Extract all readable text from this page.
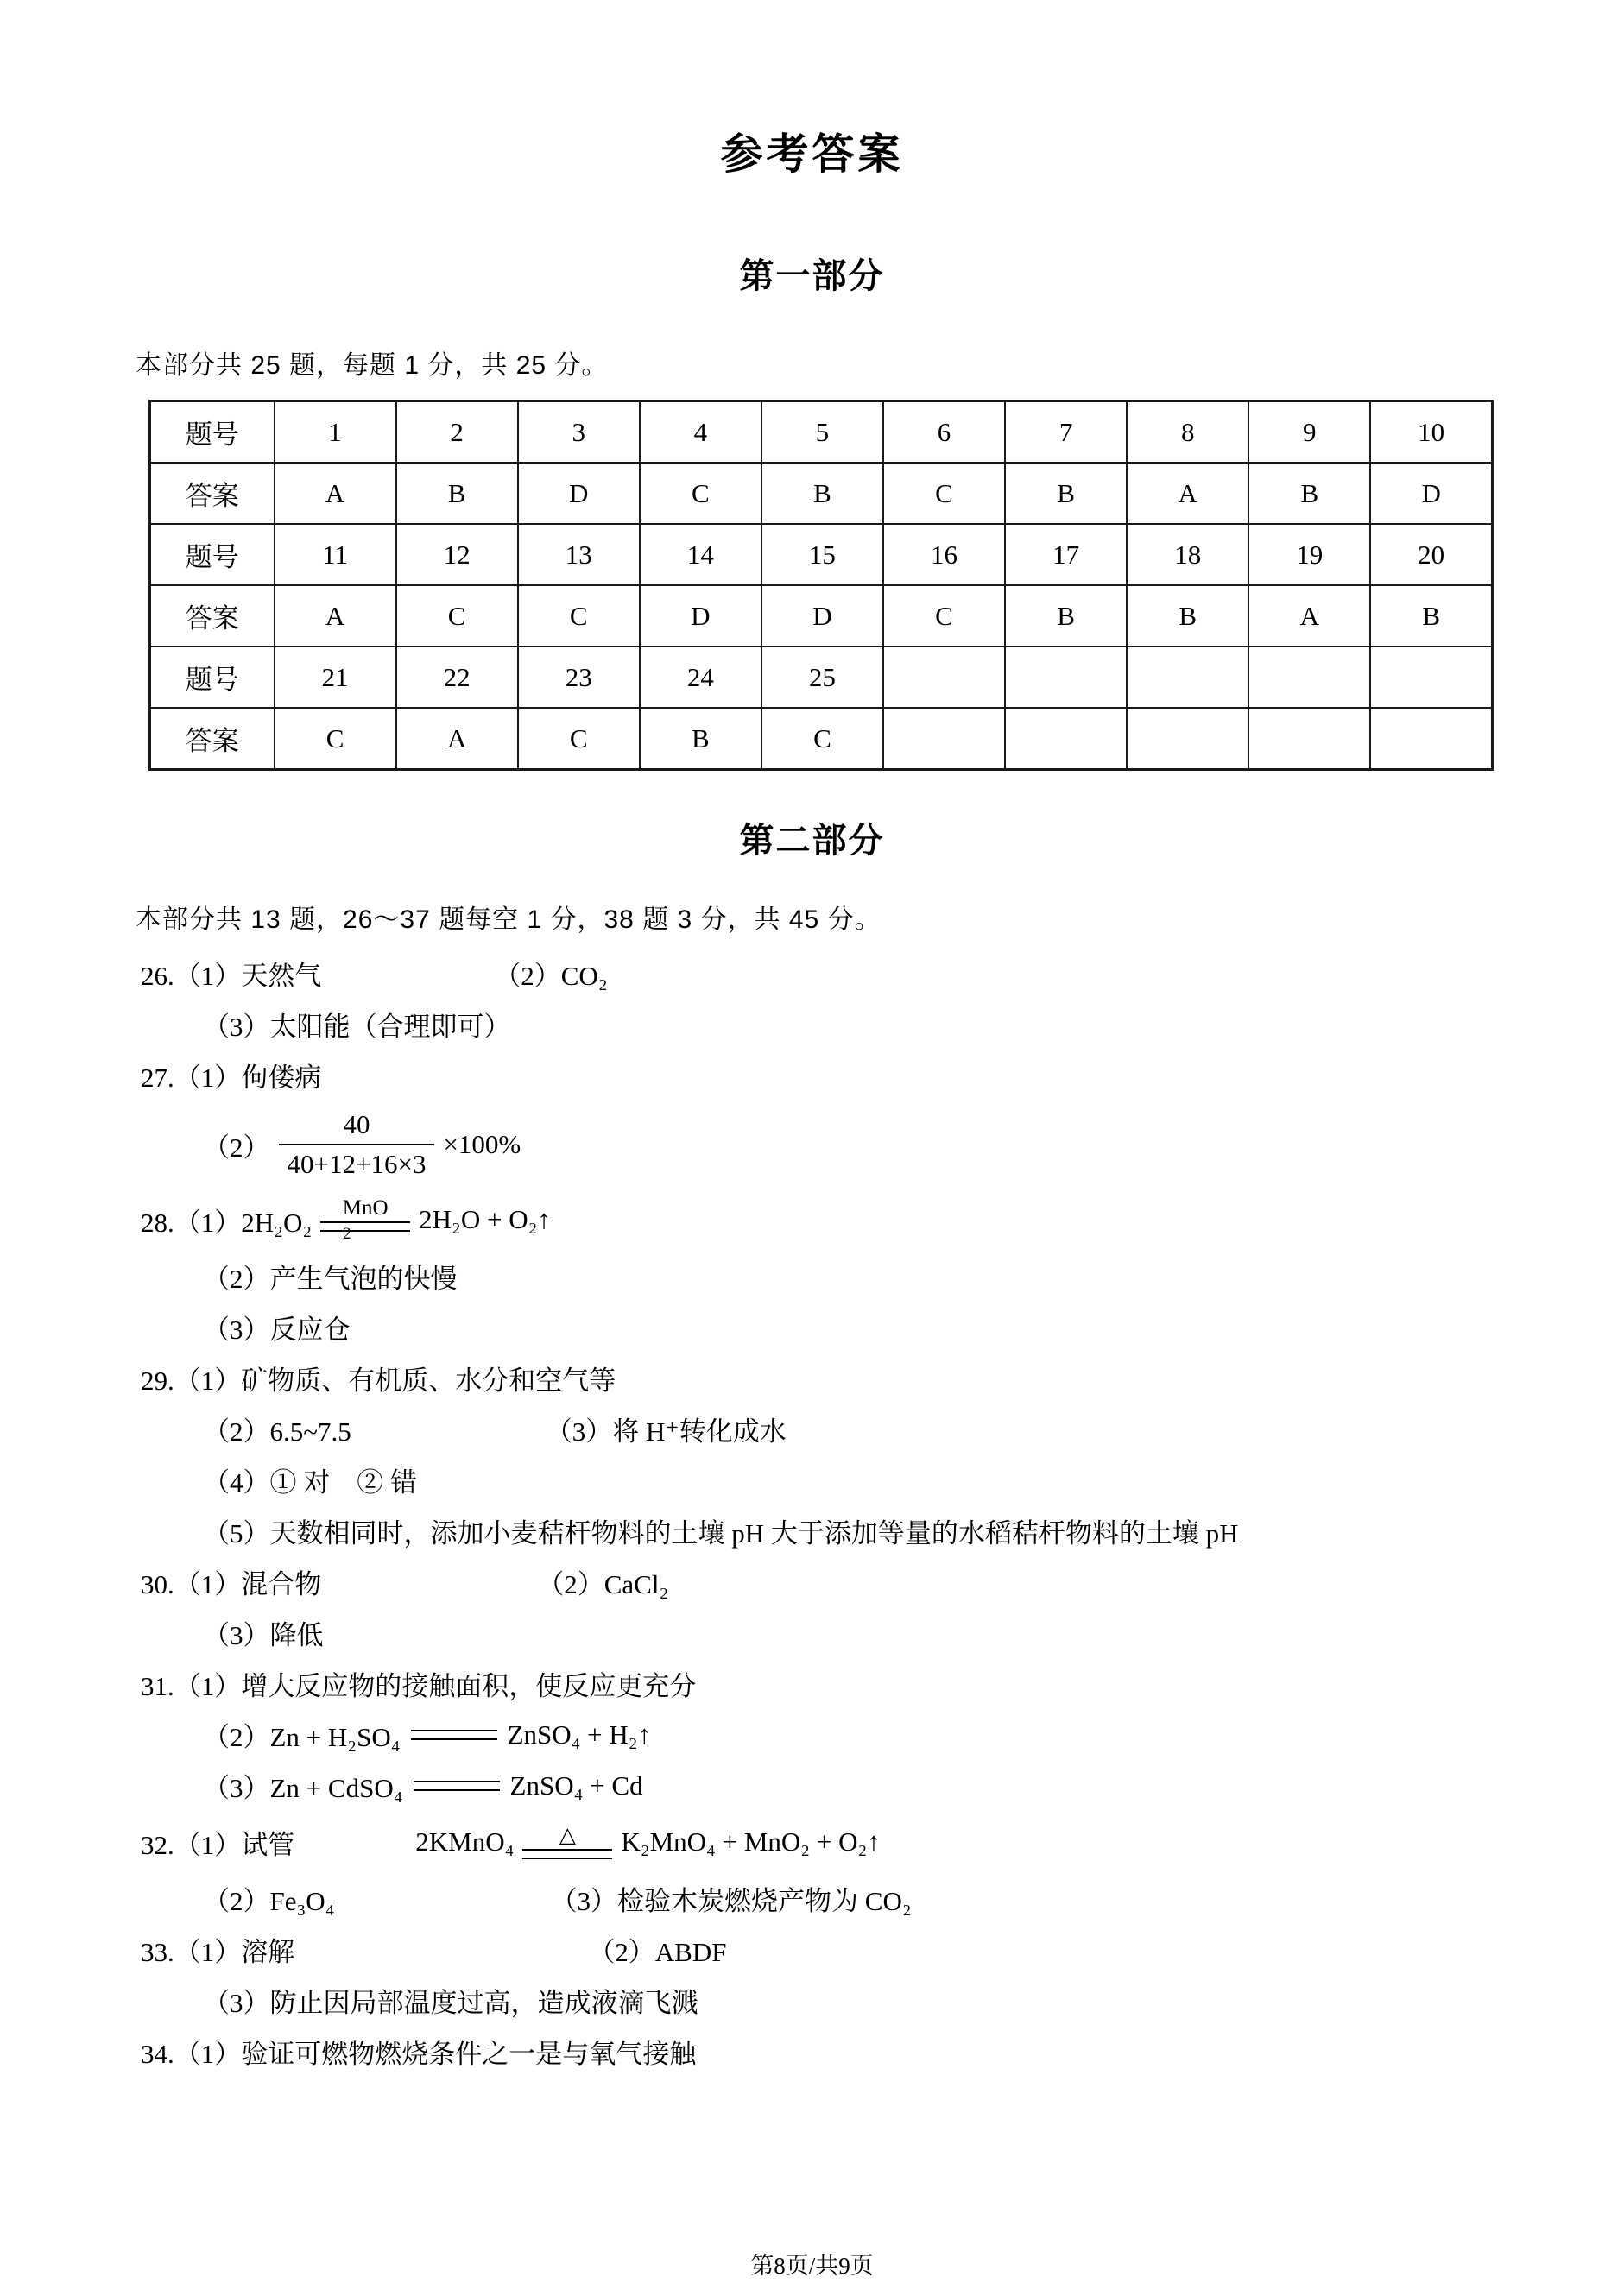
参考答案
第一部分
本部分共 25 题，每题 1 分，共 25 分。
题号	1	2	3	4	5	6	7	8	9	10
答案	A	B	D	C	B	C	B	A	B	D
题号	11	12	13	14	15	16	17	18	19	20
答案	A	C	C	D	D	C	B	B	A	B
题号	21	22	23	24	25					
答案	C	A	C	B	C					
第二部分
本部分共 13 题，26～37 题每空 1 分，38 题 3 分，共 45 分。
26.（1）天然气	（2）CO₂
（3）太阳能（合理即可）
27.（1）佝偻病
$(2) \frac{40}{40+12+16\times 3} \times 100\%$
28.（1）2H₂O₂ MnO
2	2H₂O + O₂↑
（2）产生气泡的快慢
（3）反应仓
29.（1）矿物质、有机质、水分和空气等
（2）6.5~7.5	（3）将 H⁺转化成水
（4）① 对　② 错
（5）天数相同时，添加小麦秸杆物料的土壤 pH 大于添加等量的水稻秸杆物料的土壤 pH
30.（1）混合物	（2）CaCl₂
（3）降低
31.（1）增大反应物的接触面积，使反应更充分
（2）Zn + H₂SO₄	ZnSO₄ + H₂↑
（3）Zn + CdSO₄	ZnSO₄ + Cd
32.（1）试管	2KMnO₄ △ K₂MnO₄ + MnO₂ + O₂↑
（2）Fe₃O₄	（3）检验木炭燃烧产物为 CO₂
33.（1）溶解	（2）ABDF
（3）防止因局部温度过高，造成液滴飞溅
34.（1）验证可燃物燃烧条件之一是与氧气接触
第8页/共9页
